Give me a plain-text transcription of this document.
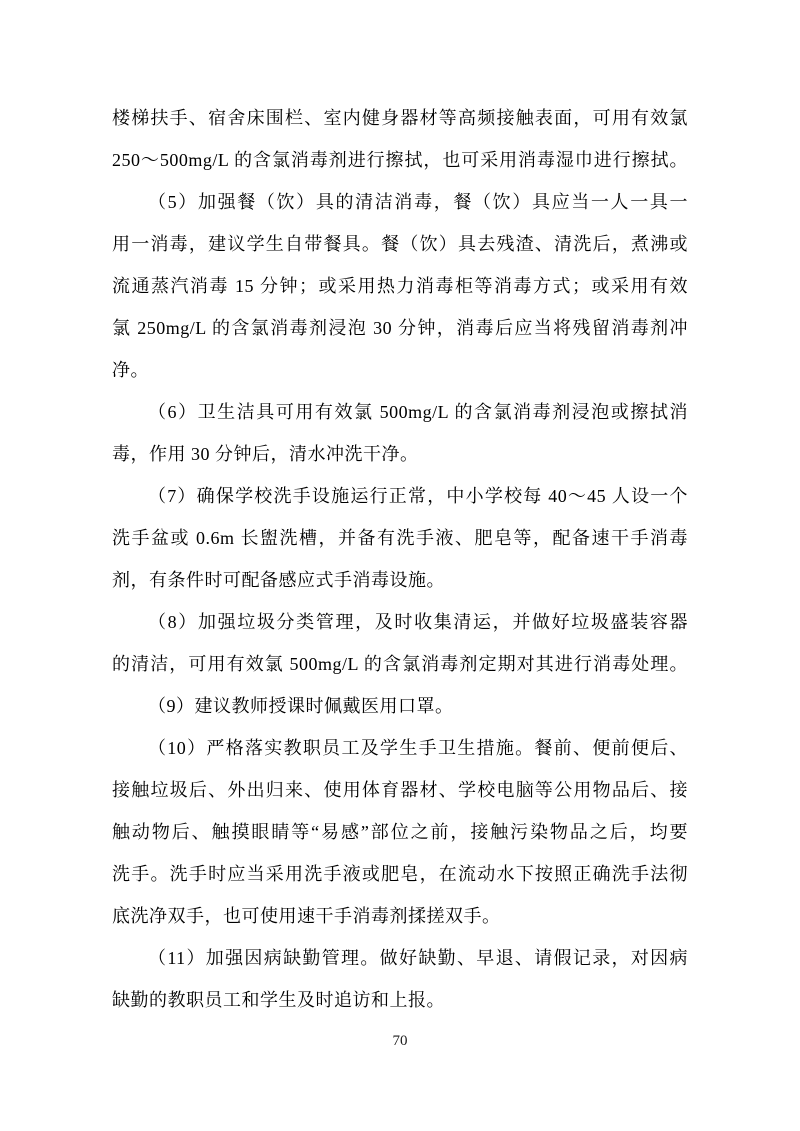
楼梯扶手、宿舍床围栏、室内健身器材等高频接触表面，可用有效氯
250～500mg/L 的含氯消毒剂进行擦拭，也可采用消毒湿巾进行擦拭。
（5）加强餐（饮）具的清洁消毒，餐（饮）具应当一人一具一
用一消毒，建议学生自带餐具。餐（饮）具去残渣、清洗后，煮沸或
流通蒸汽消毒 15 分钟；或采用热力消毒柜等消毒方式；或采用有效
氯 250mg/L 的含氯消毒剂浸泡 30 分钟，消毒后应当将残留消毒剂冲
净。
（6）卫生洁具可用有效氯 500mg/L 的含氯消毒剂浸泡或擦拭消
毒，作用 30 分钟后，清水冲洗干净。
（7）确保学校洗手设施运行正常，中小学校每 40～45 人设一个
洗手盆或 0.6m 长盥洗槽，并备有洗手液、肥皂等，配备速干手消毒
剂，有条件时可配备感应式手消毒设施。
（8）加强垃圾分类管理，及时收集清运，并做好垃圾盛装容器
的清洁，可用有效氯 500mg/L 的含氯消毒剂定期对其进行消毒处理。
（9）建议教师授课时佩戴医用口罩。
（10）严格落实教职员工及学生手卫生措施。餐前、便前便后、
接触垃圾后、外出归来、使用体育器材、学校电脑等公用物品后、接
触动物后、触摸眼睛等“易感”部位之前，接触污染物品之后，均要
洗手。洗手时应当采用洗手液或肥皂，在流动水下按照正确洗手法彻
底洗净双手，也可使用速干手消毒剂揉搓双手。
（11）加强因病缺勤管理。做好缺勤、早退、请假记录，对因病
缺勤的教职员工和学生及时追访和上报。
70
